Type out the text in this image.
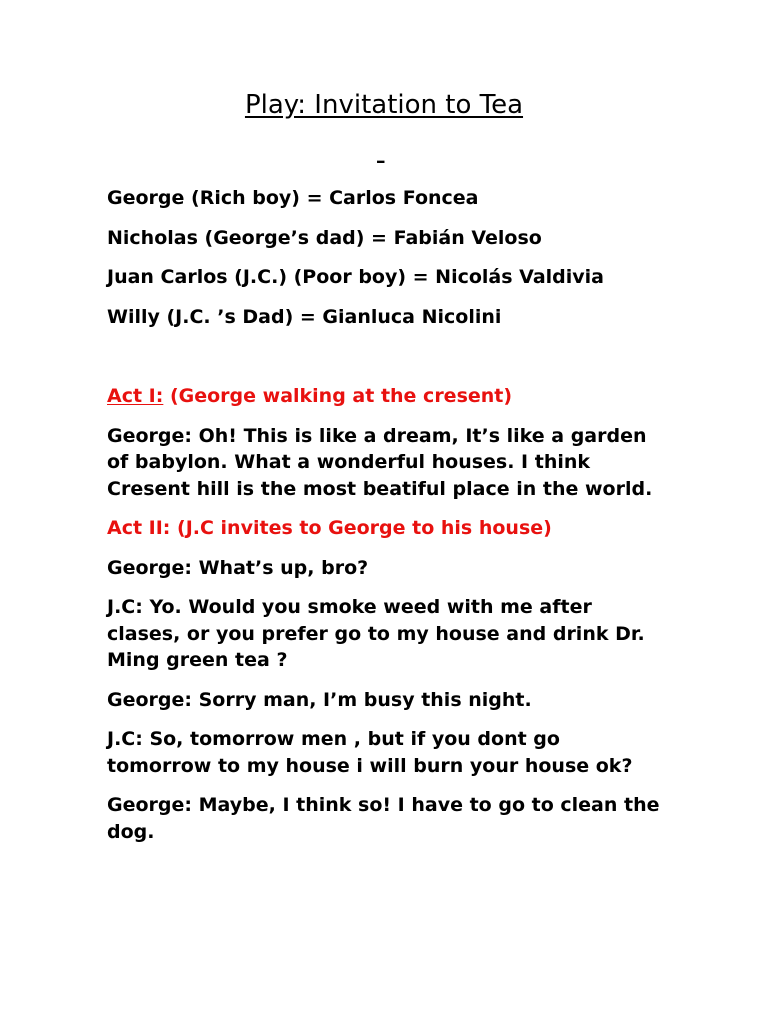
Play: Invitation to Tea
–

George (Rich boy) = Carlos Foncea

Nicholas (George’s dad) = Fabián Veloso

Juan Carlos (J.C.) (Poor boy) = Nicolás Valdivia

Willy (J.C. ’s Dad) = Gianluca Nicolini

Act I: (George walking at the cresent)

George: Oh! This is like a dream, It’s like a garden of babylon. What a wonderful houses. I think Cresent hill is the most beatiful place in the world.

Act II: (J.C invites to George to his house)

George: What’s up, bro?

J.C: Yo. Would you smoke weed with me after clases, or you prefer go to my house and drink Dr. Ming green tea ?

George: Sorry man, I’m busy this night.

J.C: So, tomorrow men , but if you dont go tomorrow to my house i will burn your house ok?

George: Maybe, I think so! I have to go to clean the dog.
